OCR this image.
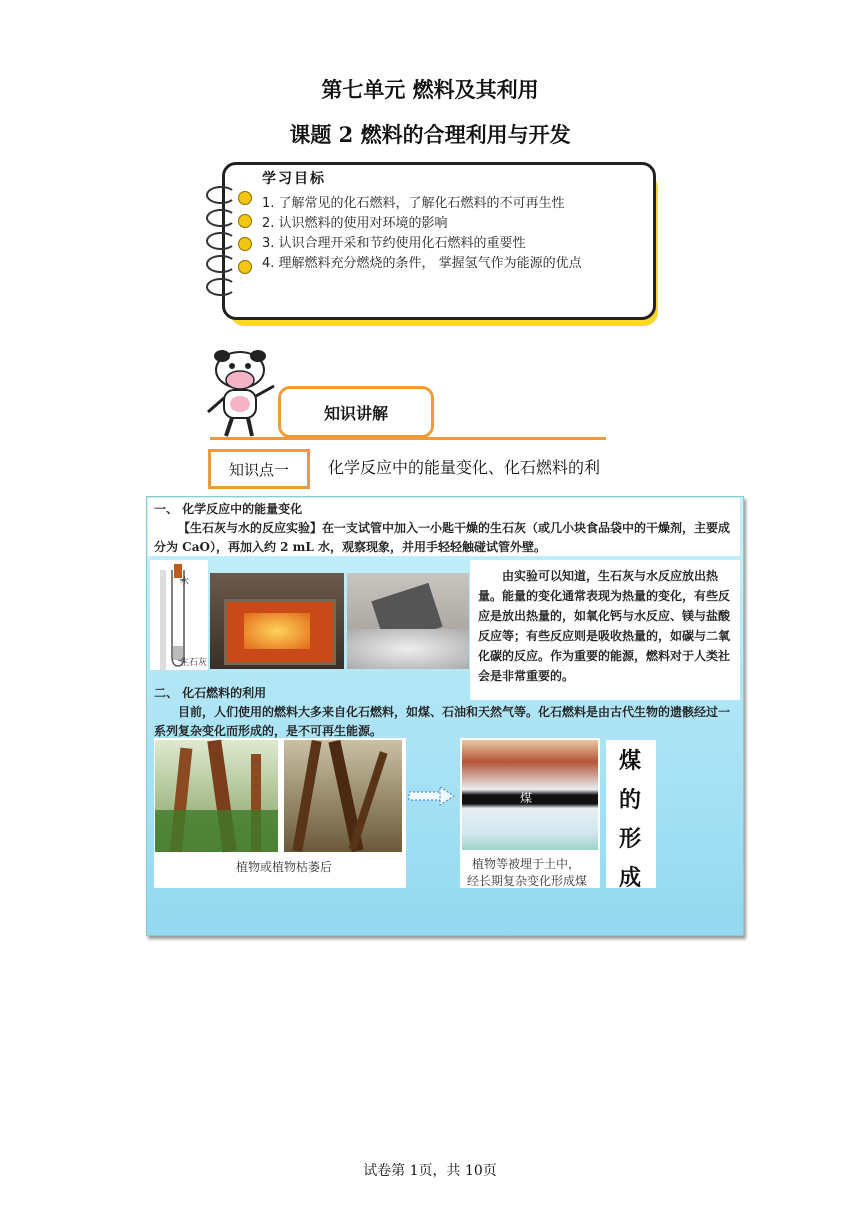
第七单元 燃料及其利用
课题 2 燃料的合理利用与开发
学习目标
1. 了解常见的化石燃料，了解化石燃料的不可再生性
2. 认识燃料的使用对环境的影响
3. 认识合理开采和节约使用化石燃料的重要性
4. 理解燃料充分燃烧的条件， 掌握氢气作为能源的优点
知识讲解
知识点一	化学反应中的能量变化、化石燃料的利
一、 化学反应中的能量变化
【生石灰与水的反应实验】在一支试管中加入一小匙干燥的生石灰（或几小块食品袋中的干燥剂，主要成分为 CaO），再加入约 2 mL 水，观察现象，并用手轻轻触碰试管外壁。
水
生石灰
由实验可以知道，生石灰与水反应放出热量。能量的变化通常表现为热量的变化，有些反应是放出热量的，如氧化钙与水反应、镁与盐酸反应等；有些反应则是吸收热量的，如碳与二氧化碳的反应。作为重要的能源，燃料对于人类社会是非常重要的。
二、 化石燃料的利用
目前，人们使用的燃料大多来自化石燃料，如煤、石油和天然气等。化石燃料是由古代生物的遗骸经过一系列复杂变化而形成的，是不可再生能源。
植物或植物枯萎后
煤
植物等被埋于土中，
经长期复杂变化形成煤
煤
的
形
成
试卷第 1页，共 10页
